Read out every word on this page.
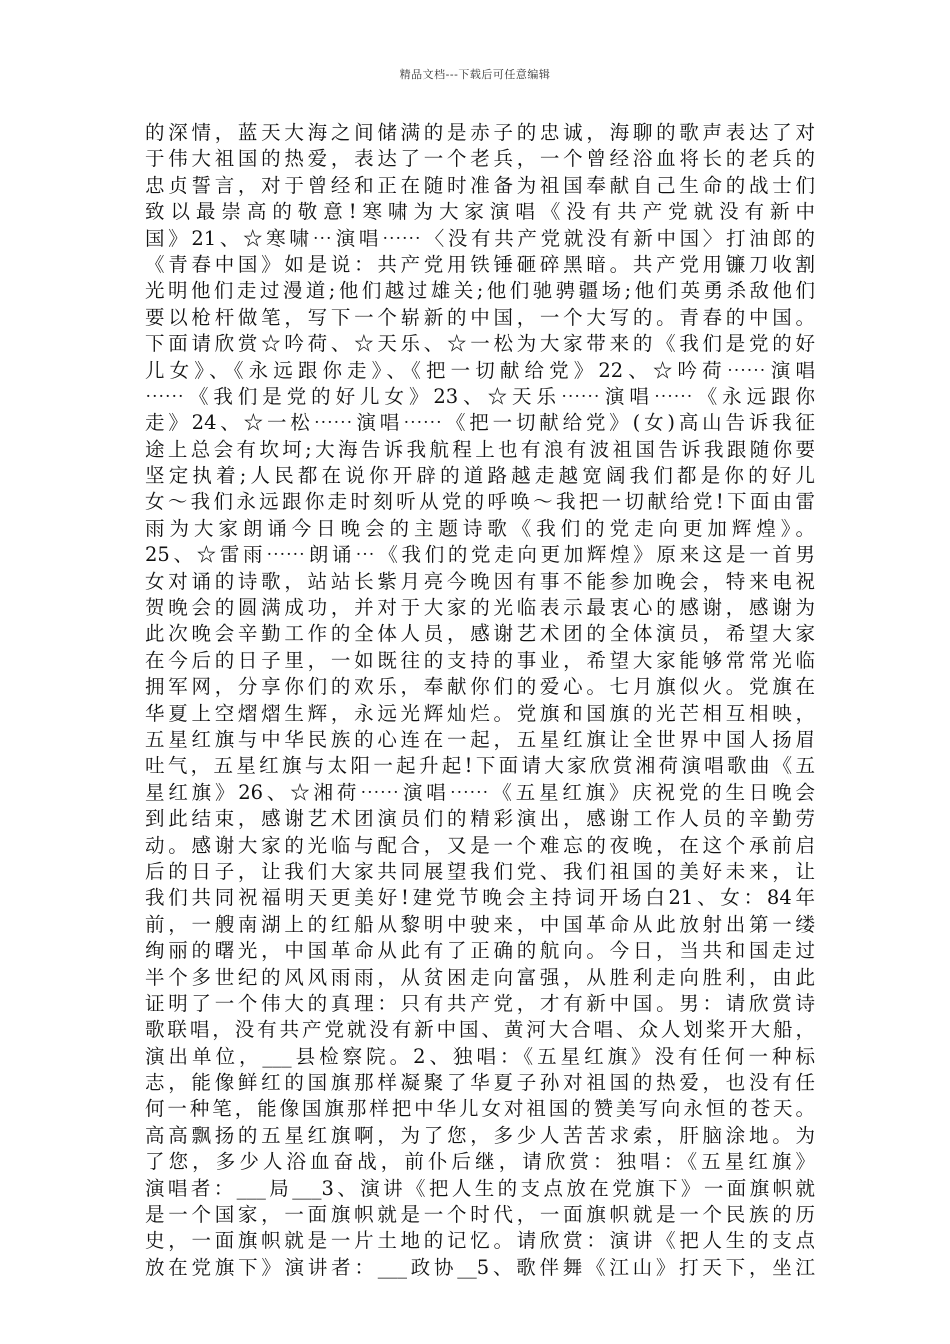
精品文档---下载后可任意编辑
的深情，蓝天大海之间储满的是赤子的忠诚，海聊的歌声表达了对
于伟大祖国的热爱，表达了一个老兵，一个曾经浴血将长的老兵的
忠贞誓言，对于曾经和正在随时准备为祖国奉献自己生命的战士们
致以最崇高的敬意!寒啸为大家演唱《没有共产党就没有新中
国》21、☆寒啸⋯演唱⋯⋯〈没有共产党就没有新中国〉打油郎的
《青春中国》如是说：共产党用铁锤砸碎黑暗。共产党用镰刀收割
光明他们走过漫道;他们越过雄关;他们驰骋疆场;他们英勇杀敌他们
要以枪杆做笔，写下一个崭新的中国，一个大写的。青春的中国。
下面请欣赏☆吟荷、☆天乐、☆一松为大家带来的《我们是党的好
儿女》、《永远跟你走》、《把一切献给党》22、☆吟荷⋯⋯演唱
⋯⋯《我们是党的好儿女》23、☆天乐⋯⋯演唱⋯⋯《永远跟你
走》24、☆一松⋯⋯演唱⋯⋯《把一切献给党》(女)高山告诉我征
途上总会有坎坷;大海告诉我航程上也有浪有波祖国告诉我跟随你要
坚定执着;人民都在说你开辟的道路越走越宽阔我们都是你的好儿
女～我们永远跟你走时刻听从党的呼唤～我把一切献给党!下面由雷
雨为大家朗诵今日晚会的主题诗歌《我们的党走向更加辉煌》。
25、☆雷雨⋯⋯朗诵⋯《我们的党走向更加辉煌》原来这是一首男
女对诵的诗歌，站站长紫月亮今晚因有事不能参加晚会，特来电祝
贺晚会的圆满成功，并对于大家的光临表示最衷心的感谢，感谢为
此次晚会辛勤工作的全体人员，感谢艺术团的全体演员，希望大家
在今后的日子里，一如既往的支持的事业，希望大家能够常常光临
拥军网，分享你们的欢乐，奉献你们的爱心。七月旗似火。党旗在
华夏上空熠熠生辉，永远光辉灿烂。党旗和国旗的光芒相互相映，
五星红旗与中华民族的心连在一起，五星红旗让全世界中国人扬眉
吐气，五星红旗与太阳一起升起!下面请大家欣赏湘荷演唱歌曲《五
星红旗》26、☆湘荷⋯⋯演唱⋯⋯《五星红旗》庆祝党的生日晚会
到此结束，感谢艺术团演员们的精彩演出，感谢工作人员的辛勤劳
动。感谢大家的光临与配合，又是一个难忘的夜晚，在这个承前启
后的日子，让我们大家共同展望我们党、我们祖国的美好未来，让
我们共同祝福明天更美好!建党节晚会主持词开场白21、女：84年
前，一艘南湖上的红船从黎明中驶来，中国革命从此放射出第一缕
绚丽的曙光，中国革命从此有了正确的航向。今日，当共和国走过
半个多世纪的风风雨雨，从贫困走向富强，从胜利走向胜利，由此
证明了一个伟大的真理：只有共产党，才有新中国。男：请欣赏诗
歌联唱，没有共产党就没有新中国、黄河大合唱、众人划桨开大船，
演出单位，___县检察院。2、独唱：《五星红旗》没有任何一种标
志，能像鲜红的国旗那样凝聚了华夏子孙对祖国的热爱，也没有任
何一种笔，能像国旗那样把中华儿女对祖国的赞美写向永恒的苍天。
高高飘扬的五星红旗啊，为了您，多少人苦苦求索，肝脑涂地。为
了您，多少人浴血奋战，前仆后继，请欣赏：独唱：《五星红旗》
演唱者：___局___3、演讲《把人生的支点放在党旗下》一面旗帜就
是一个国家，一面旗帜就是一个时代，一面旗帜就是一个民族的历
史，一面旗帜就是一片土地的记忆。请欣赏：演讲《把人生的支点
放在党旗下》演讲者：___政协__5、歌伴舞《江山》打天下，坐江
